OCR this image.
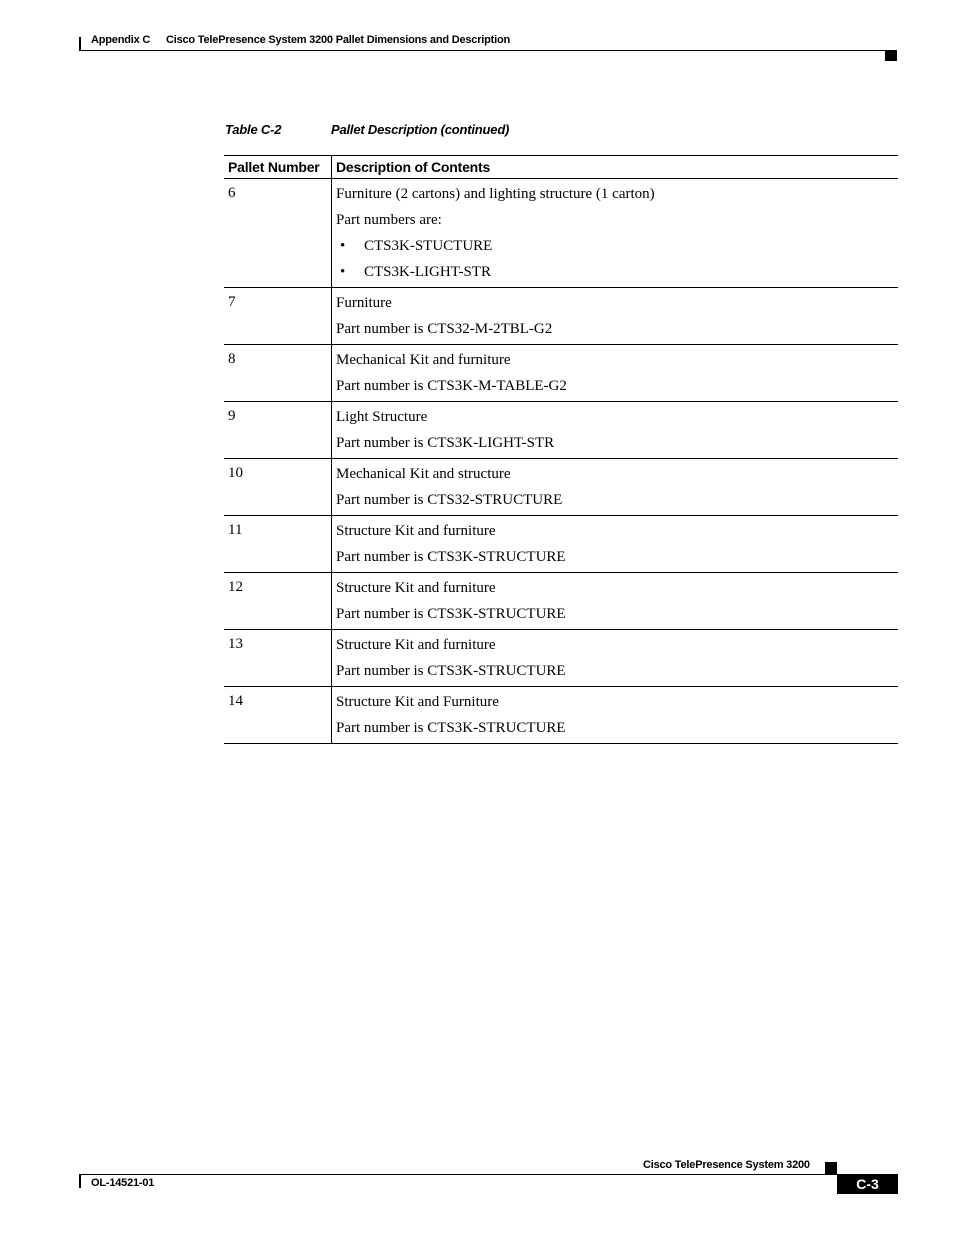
Appendix C Cisco TelePresence System 3200 Pallet Dimensions and Description
Table C-2	Pallet Description (continued)
Pallet Number	Description of Contents
6	Furniture (2 cartons) and lighting structure (1 carton)

Part numbers are:

•	CTS3K-STUCTURE
•	CTS3K-LIGHT-STR
7	Furniture

Part number is CTS32-M-2TBL-G2

8	Mechanical Kit and furniture

Part number is CTS3K-M-TABLE-G2

9	Light Structure

Part number is CTS3K-LIGHT-STR

10	Mechanical Kit and structure

Part number is CTS32-STRUCTURE

11	Structure Kit and furniture

Part number is CTS3K-STRUCTURE

12	Structure Kit and furniture

Part number is CTS3K-STRUCTURE

13	Structure Kit and furniture

Part number is CTS3K-STRUCTURE

14	Structure Kit and Furniture

Part number is CTS3K-STRUCTURE

Cisco TelePresence System 3200
OL-14521-01	C-3
